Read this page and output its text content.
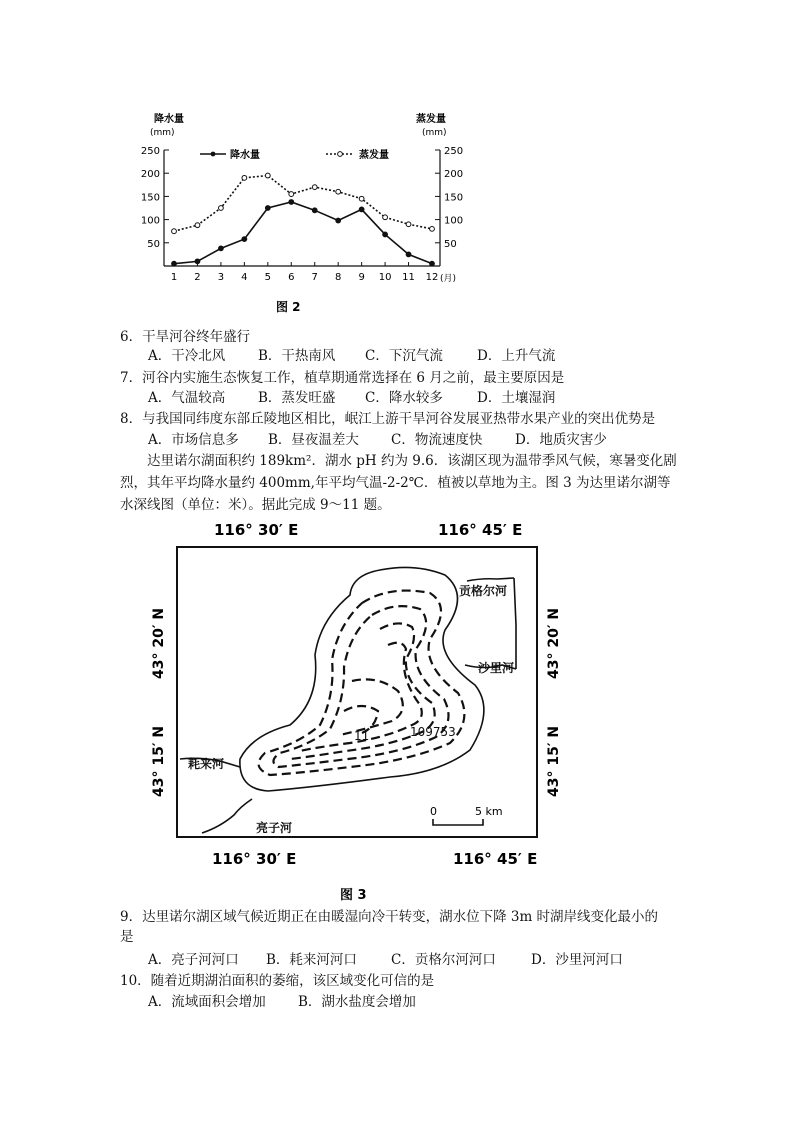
降水量
(mm)
蒸发量
(mm)
降水量	蒸发量
50	50
100	100
150	150
200	200
250	250
1 2 3 4 5 6 7 8 9 10 11 12 (月)
图 2
6．干旱河谷终年盛行
A．干冷北风 B．干热南风 C．下沉气流	D．上升气流
7．河谷内实施生态恢复工作，植草期通常选择在 6 月之前，最主要原因是
A．气温较高 B．蒸发旺盛 C．降水较多	D．土壤湿润
8．与我国同纬度东部丘陵地区相比，岷江上游干旱河谷发展亚热带水果产业的突出优势是
A．市场信息多 B．昼夜温差大 C．物流速度快 D．地质灾害少
达里诺尔湖面积约 189km²．湖水 pH 约为 9.6．该湖区现为温带季风气候，寒暑变化剧
烈，其年平均降水量约 400mm,年平均气温-2-2℃．植被以草地为主。图 3 为达里诺尔湖等
水深线图（单位：米）。据此完成 9～11 题。
116° 30′ E	116° 45′ E
116° 30′ E	116° 45′ E
43° 20′ N
43° 15′ N
43° 20′ N
43° 15′ N
贡格尔河
沙里河
耗来河
亮子河
11	109753
0	5 km
图 3
9．达里诺尔湖区域气候近期正在由暖湿向冷干转变，湖水位下降 3m 时湖岸线变化最小的
是
A．亮子河河口 B．耗来河河口	C．贡格尔河河口	D．沙里河河口
10．随着近期湖泊面积的萎缩，该区域变化可信的是
A．流域面积会增加 B．湖水盐度会增加
